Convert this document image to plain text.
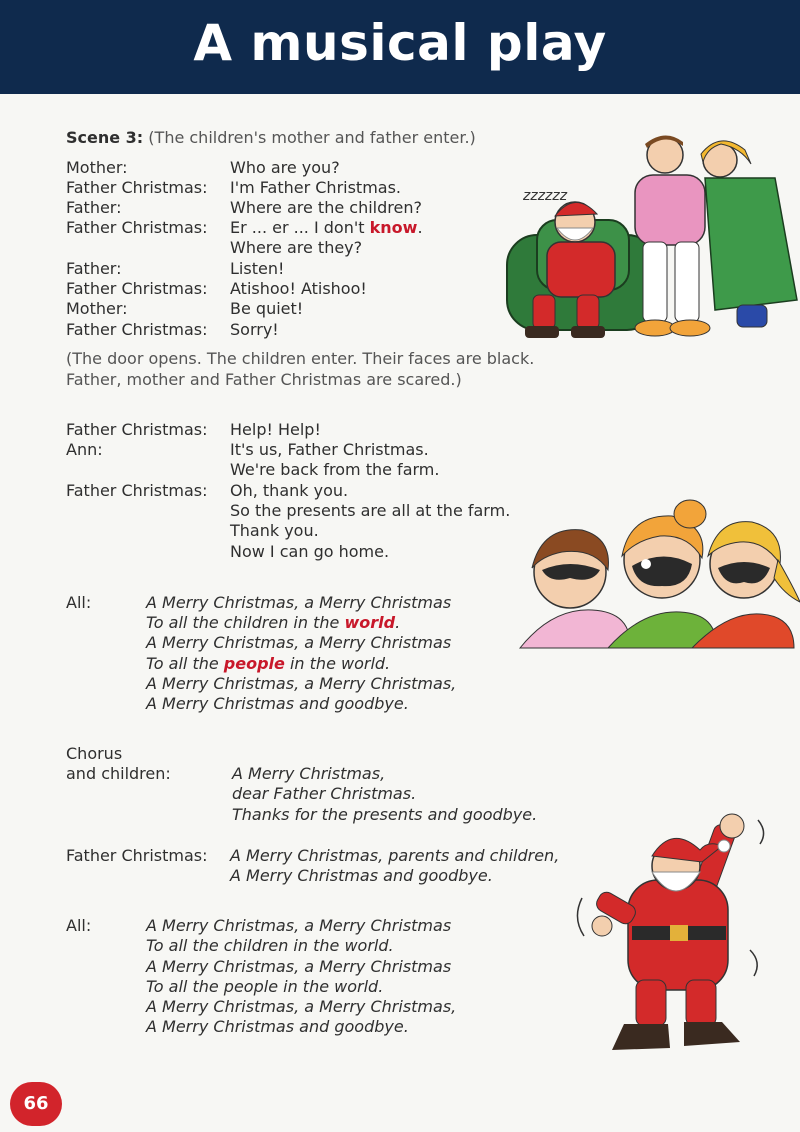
A musical play
Scene 3: (The children's mother and father enter.)
Mother:	Who are you?
Father Christmas: I'm Father Christmas.
Father:	Where are the children?
Father Christmas: Er ... er ... I don't know.
Where are they?
Father:	Listen!
Father Christmas: Atishoo! Atishoo!
Mother:	Be quiet!
Father Christmas: Sorry!
(The door opens. The children enter. Their faces are black.
Father, mother and Father Christmas are scared.)
Father Christmas: Help! Help!
Ann:	It's us, Father Christmas.
We're back from the farm.
Father Christmas: Oh, thank you.
So the presents are all at the farm.
Thank you.
Now I can go home.
All:	A Merry Christmas, a Merry Christmas
To all the children in the world.
A Merry Christmas, a Merry Christmas
To all the people in the world.
A Merry Christmas, a Merry Christmas,
A Merry Christmas and goodbye.
Chorus
and children:	A Merry Christmas,
dear Father Christmas.
Thanks for the presents and goodbye.
Father Christmas: A Merry Christmas, parents and children,
A Merry Christmas and goodbye.
All:	A Merry Christmas, a Merry Christmas
To all the children in the world.
A Merry Christmas, a Merry Christmas
To all the people in the world.
A Merry Christmas, a Merry Christmas,
A Merry Christmas and goodbye.
zzzzzz
66
